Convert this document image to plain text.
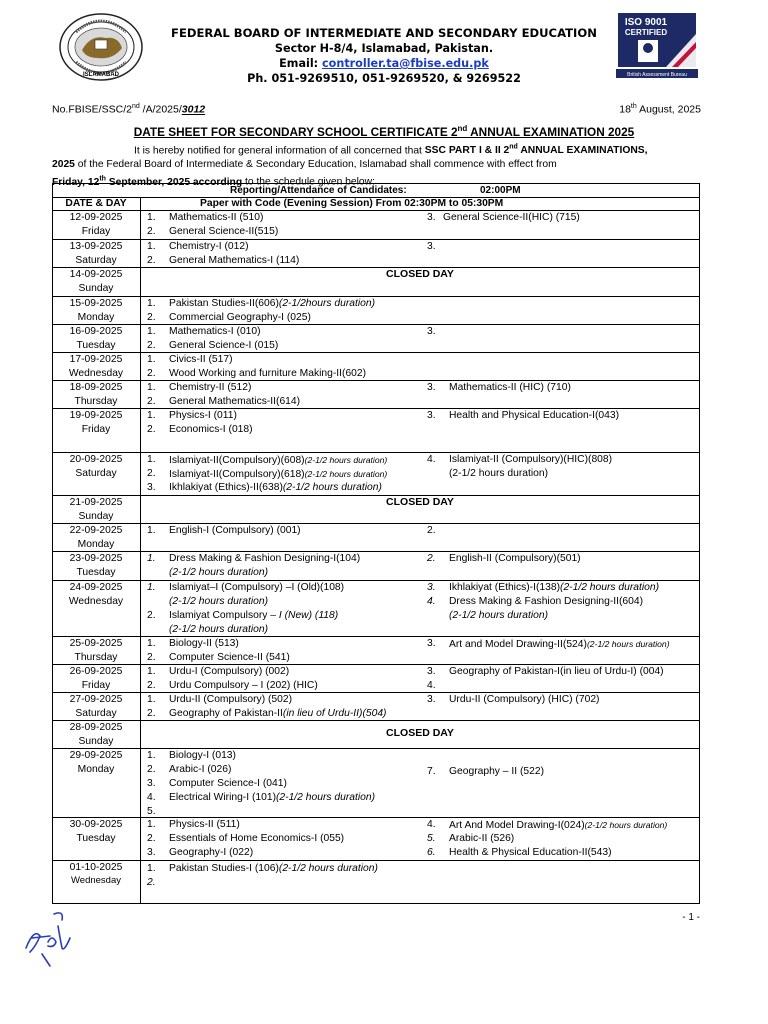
ISLAMABAD
ISO 9001
CERTIFIED
British Assessment Bureau
FEDERAL BOARD OF INTERMEDIATE AND SECONDARY EDUCATION
Sector H-8/4, Islamabad, Pakistan.
Email: controller.ta@fbise.edu.pk
Ph. 051-9269510, 051-9269520, & 9269522
No.FBISE/SSC/2nd /A/2025/3012	18th August, 2025
DATE SHEET FOR SECONDARY SCHOOL CERTIFICATE 2nd ANNUAL EXAMINATION 2025

It is hereby notified for general information of all concerned that SSC PART I & II 2nd ANNUAL EXAMINATIONS,

2025 of the Federal Board of Intermediate & Secondary Education, Islamabad shall commence with effect from

Friday, 12th September, 2025 according to the schedule given below:

Reporting/Attendance of Candidates:	02:00PM
DATE & DAY	Paper with Code (Evening Session) From 02:30PM to 05:30PM
12-09-2025
Friday
1. Mathematics-II (510)
2. General Science-II(515)
3. General Science-II(HIC) (715)
13-09-2025
Saturday
1. Chemistry-I (012)
2. General Mathematics-I (114)
3.
14-09-2025
Sunday
CLOSED DAY
15-09-2025
Monday
1. Pakistan Studies-II(606)(2-1/2hours duration)
2. Commercial Geography-I (025)
16-09-2025
Tuesday
1. Mathematics-I (010)
2. General Science-I (015)
3.
17-09-2025
Wednesday
1. Civics-II (517)
2. Wood Working and furniture Making-II(602)
18-09-2025
Thursday
1. Chemistry-II (512)
2. General Mathematics-II(614)
3. Mathematics-II (HIC) (710)
19-09-2025
Friday
1. Physics-I (011)
2. Economics-I (018)
3. Health and Physical Education-I(043)
20-09-2025
Saturday
1. Islamiyat-II(Compulsory)(608)(2-1/2 hours duration)
2. Islamiyat-II(Compulsory)(618)(2-1/2 hours duration)
3. Ikhlakiyat (Ethics)-II(638)(2-1/2 hours duration)
4. Islamiyat-II (Compulsory)(HIC)(808)
(2-1/2 hours duration)
21-09-2025
Sunday
CLOSED DAY
22-09-2025
Monday
1. English-I (Compulsory) (001)	2.
23-09-2025
Tuesday
1. Dress Making & Fashion Designing-I(104)
(2-1/2 hours duration)
2. English-II (Compulsory)(501)
24-09-2025
Wednesday
1. Islamiyat–I (Compulsory) –I (Old)(108)
(2-1/2 hours duration)
2. Islamiyat Compulsory – I (New) (118)
(2-1/2 hours duration)
3. Ikhlakiyat (Ethics)-I(138)(2-1/2 hours duration)
4. Dress Making & Fashion Designing-II(604)
(2-1/2 hours duration)
25-09-2025
Thursday
1. Biology-II (513)
2. Computer Science-II (541)
3. Art and Model Drawing-II(524)(2-1/2 hours duration)
26-09-2025
Friday
1. Urdu-I (Compulsory) (002)
2. Urdu Compulsory – I (202) (HIC)
3. Geography of Pakistan-I(in lieu of Urdu-I) (004)
4.
27-09-2025
Saturday
1. Urdu-II (Compulsory) (502)
2. Geography of Pakistan-II(in lieu of Urdu-II)(504)
3. Urdu-II (Compulsory) (HIC) (702)
28-09-2025
Sunday
CLOSED DAY
29-09-2025
Monday
1. Biology-I (013)
2. Arabic-I (026)
3. Computer Science-I (041)
4. Electrical Wiring-I (101)(2-1/2 hours duration)
5.
7. Geography – II (522)
30-09-2025
Tuesday
1. Physics-II (511)
2. Essentials of Home Economics-I (055)
3. Geography-I (022)
4. Art And Model Drawing-I(024)(2-1/2 hours duration)
5. Arabic-II (526)
6. Health & Physical Education-II(543)
01-10-2025
Wednesday
1. Pakistan Studies-I (106)(2-1/2 hours duration)
2.
- 1 -
